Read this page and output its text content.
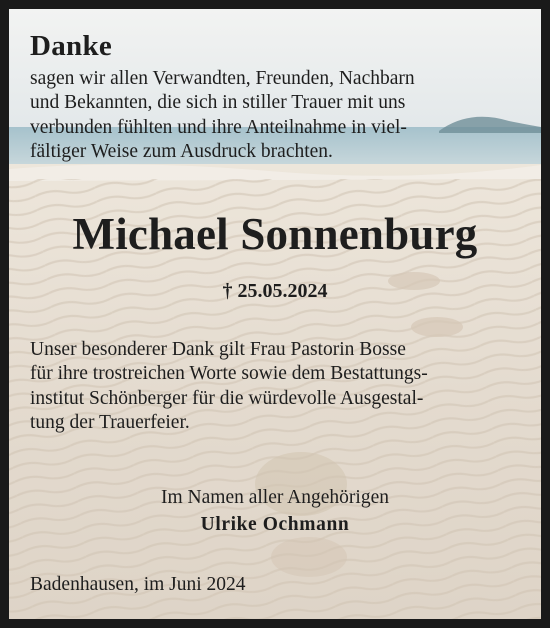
Danke

sagen wir allen Verwandten, Freunden, Nachbarn
und Bekannten, die sich in stiller Trauer mit uns
verbunden fühlten und ihre Anteilnahme in viel-
fältiger Weise zum Ausdruck brachten.

Michael Sonnenburg

† 25.05.2024

Unser besonderer Dank gilt Frau Pastorin Bosse
für ihre trostreichen Worte sowie dem Bestattungs-
institut Schönberger für die würdevolle Ausgestal-
tung der Trauerfeier.

Im Namen aller Angehörigen

Ulrike Ochmann

Badenhausen, im Juni 2024
